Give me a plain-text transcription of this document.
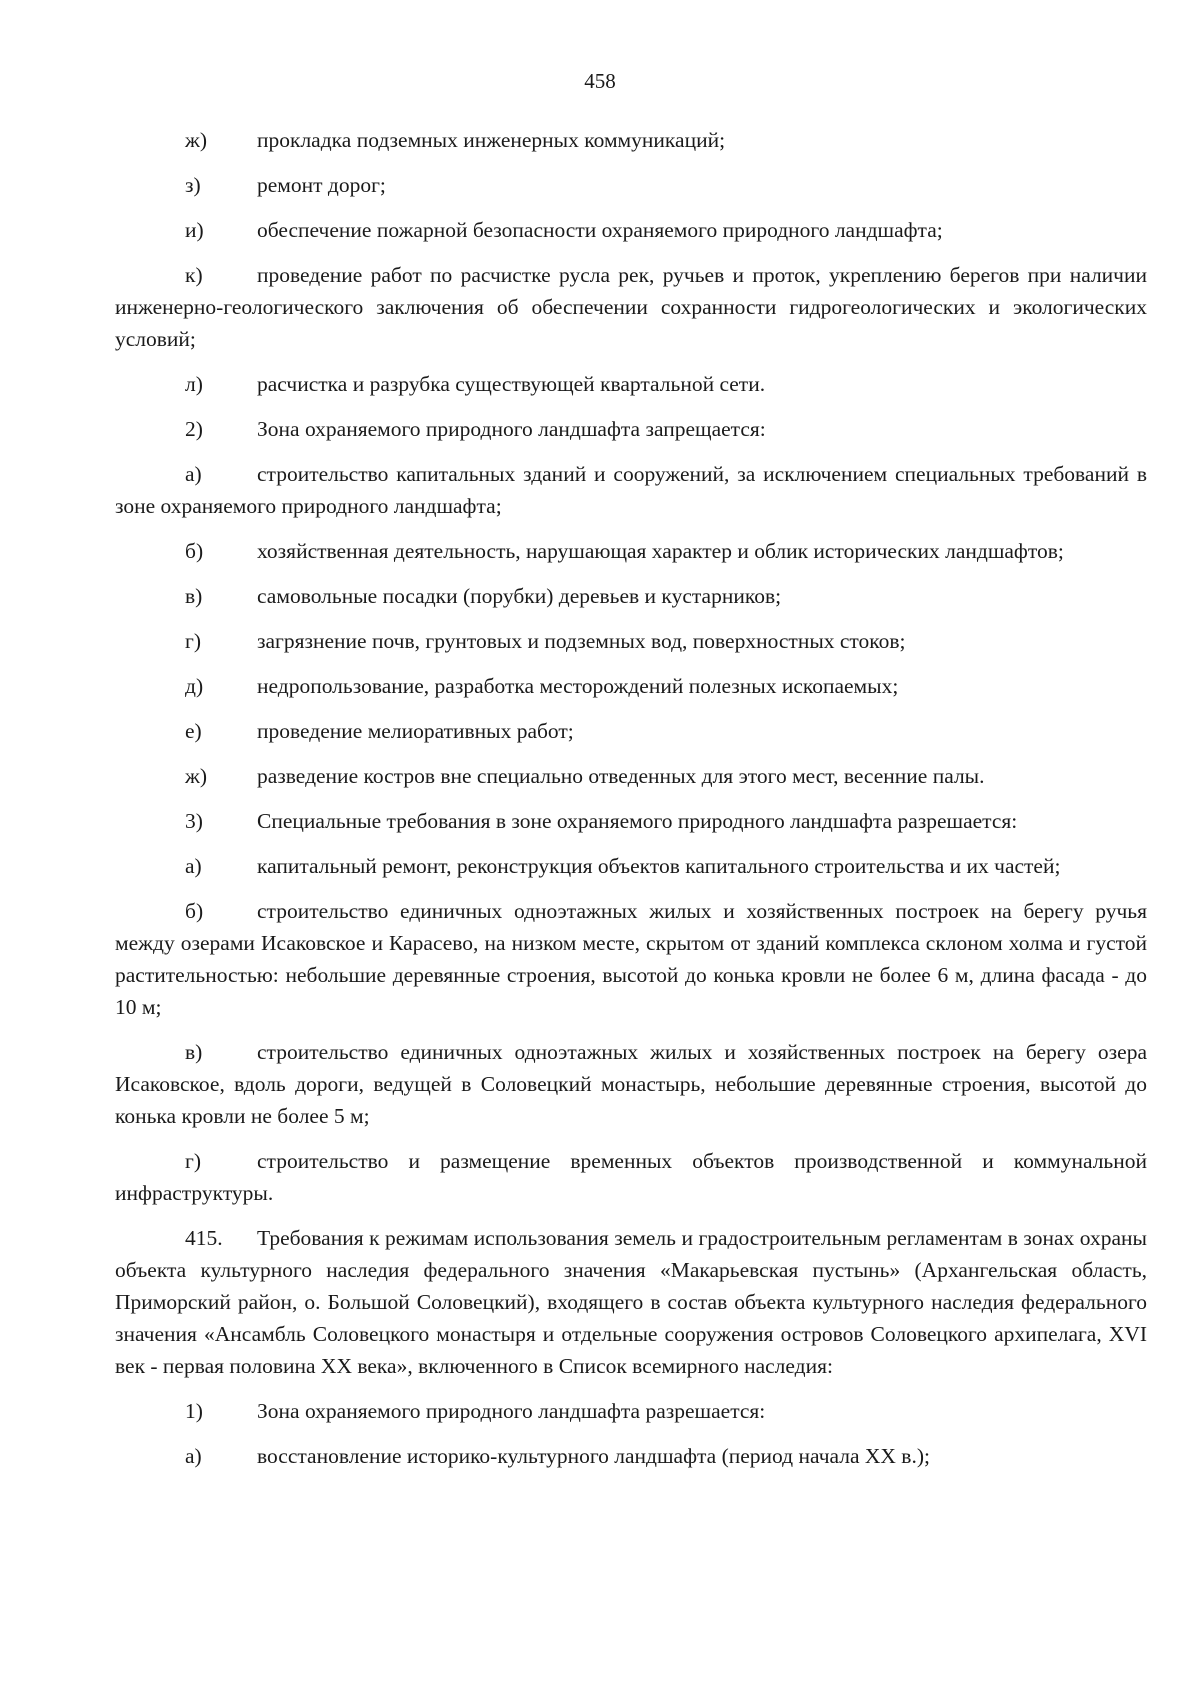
458

ж) прокладка подземных инженерных коммуникаций;

з)	ремонт дорог;

и) обеспечение пожарной безопасности охраняемого природного ландшафта;

к)	проведение работ по расчистке русла рек, ручьев и проток, укреплению берегов при наличии инженерно-геологического заключения об обеспечении сохранности гидрогеологических и экологических условий;

л)	расчистка и разрубка существующей квартальной сети.

2)	Зона охраняемого природного ландшафта запрещается:

а)	строительство капитальных зданий и сооружений, за исключением специальных требований в зоне охраняемого природного ландшафта;

б)	хозяйственная деятельность, нарушающая характер и облик исторических ландшафтов;

в)	самовольные посадки (порубки) деревьев и кустарников;

г)	загрязнение почв, грунтовых и подземных вод, поверхностных стоков;

д)	недропользование, разработка месторождений полезных ископаемых;

е)	проведение мелиоративных работ;

ж) разведение костров вне специально отведенных для этого мест, весенние палы.

3)	Специальные требования в зоне охраняемого природного ландшафта разрешается:

а)	капитальный ремонт, реконструкция объектов капитального строительства и их частей;

б)	строительство единичных одноэтажных жилых и хозяйственных построек на берегу ручья между озерами Исаковское и Карасево, на низком месте, скрытом от зданий комплекса склоном холма и густой растительностью: небольшие деревянные строения, высотой до конька кровли не более 6 м, длина фасада - до 10 м;

в)	строительство единичных одноэтажных жилых и хозяйственных построек на берегу озера Исаковское, вдоль дороги, ведущей в Соловецкий монастырь, небольшие деревянные строения, высотой до конька кровли не более 5 м;

г)	строительство и размещение временных объектов производственной и коммунальной инфраструктуры.

415. Требования к режимам использования земель и градостроительным регламентам в зонах охраны объекта культурного наследия федерального значения «Макарьевская пустынь» (Архангельская область, Приморский район, о. Большой Соловецкий), входящего в состав объекта культурного наследия федерального значения «Ансамбль Соловецкого монастыря и отдельные сооружения островов Соловецкого архипелага, XVI век - первая половина XX века», включенного в Список всемирного наследия:

1)	Зона охраняемого природного ландшафта разрешается:

а)	восстановление историко-культурного ландшафта (период начала XX в.);
